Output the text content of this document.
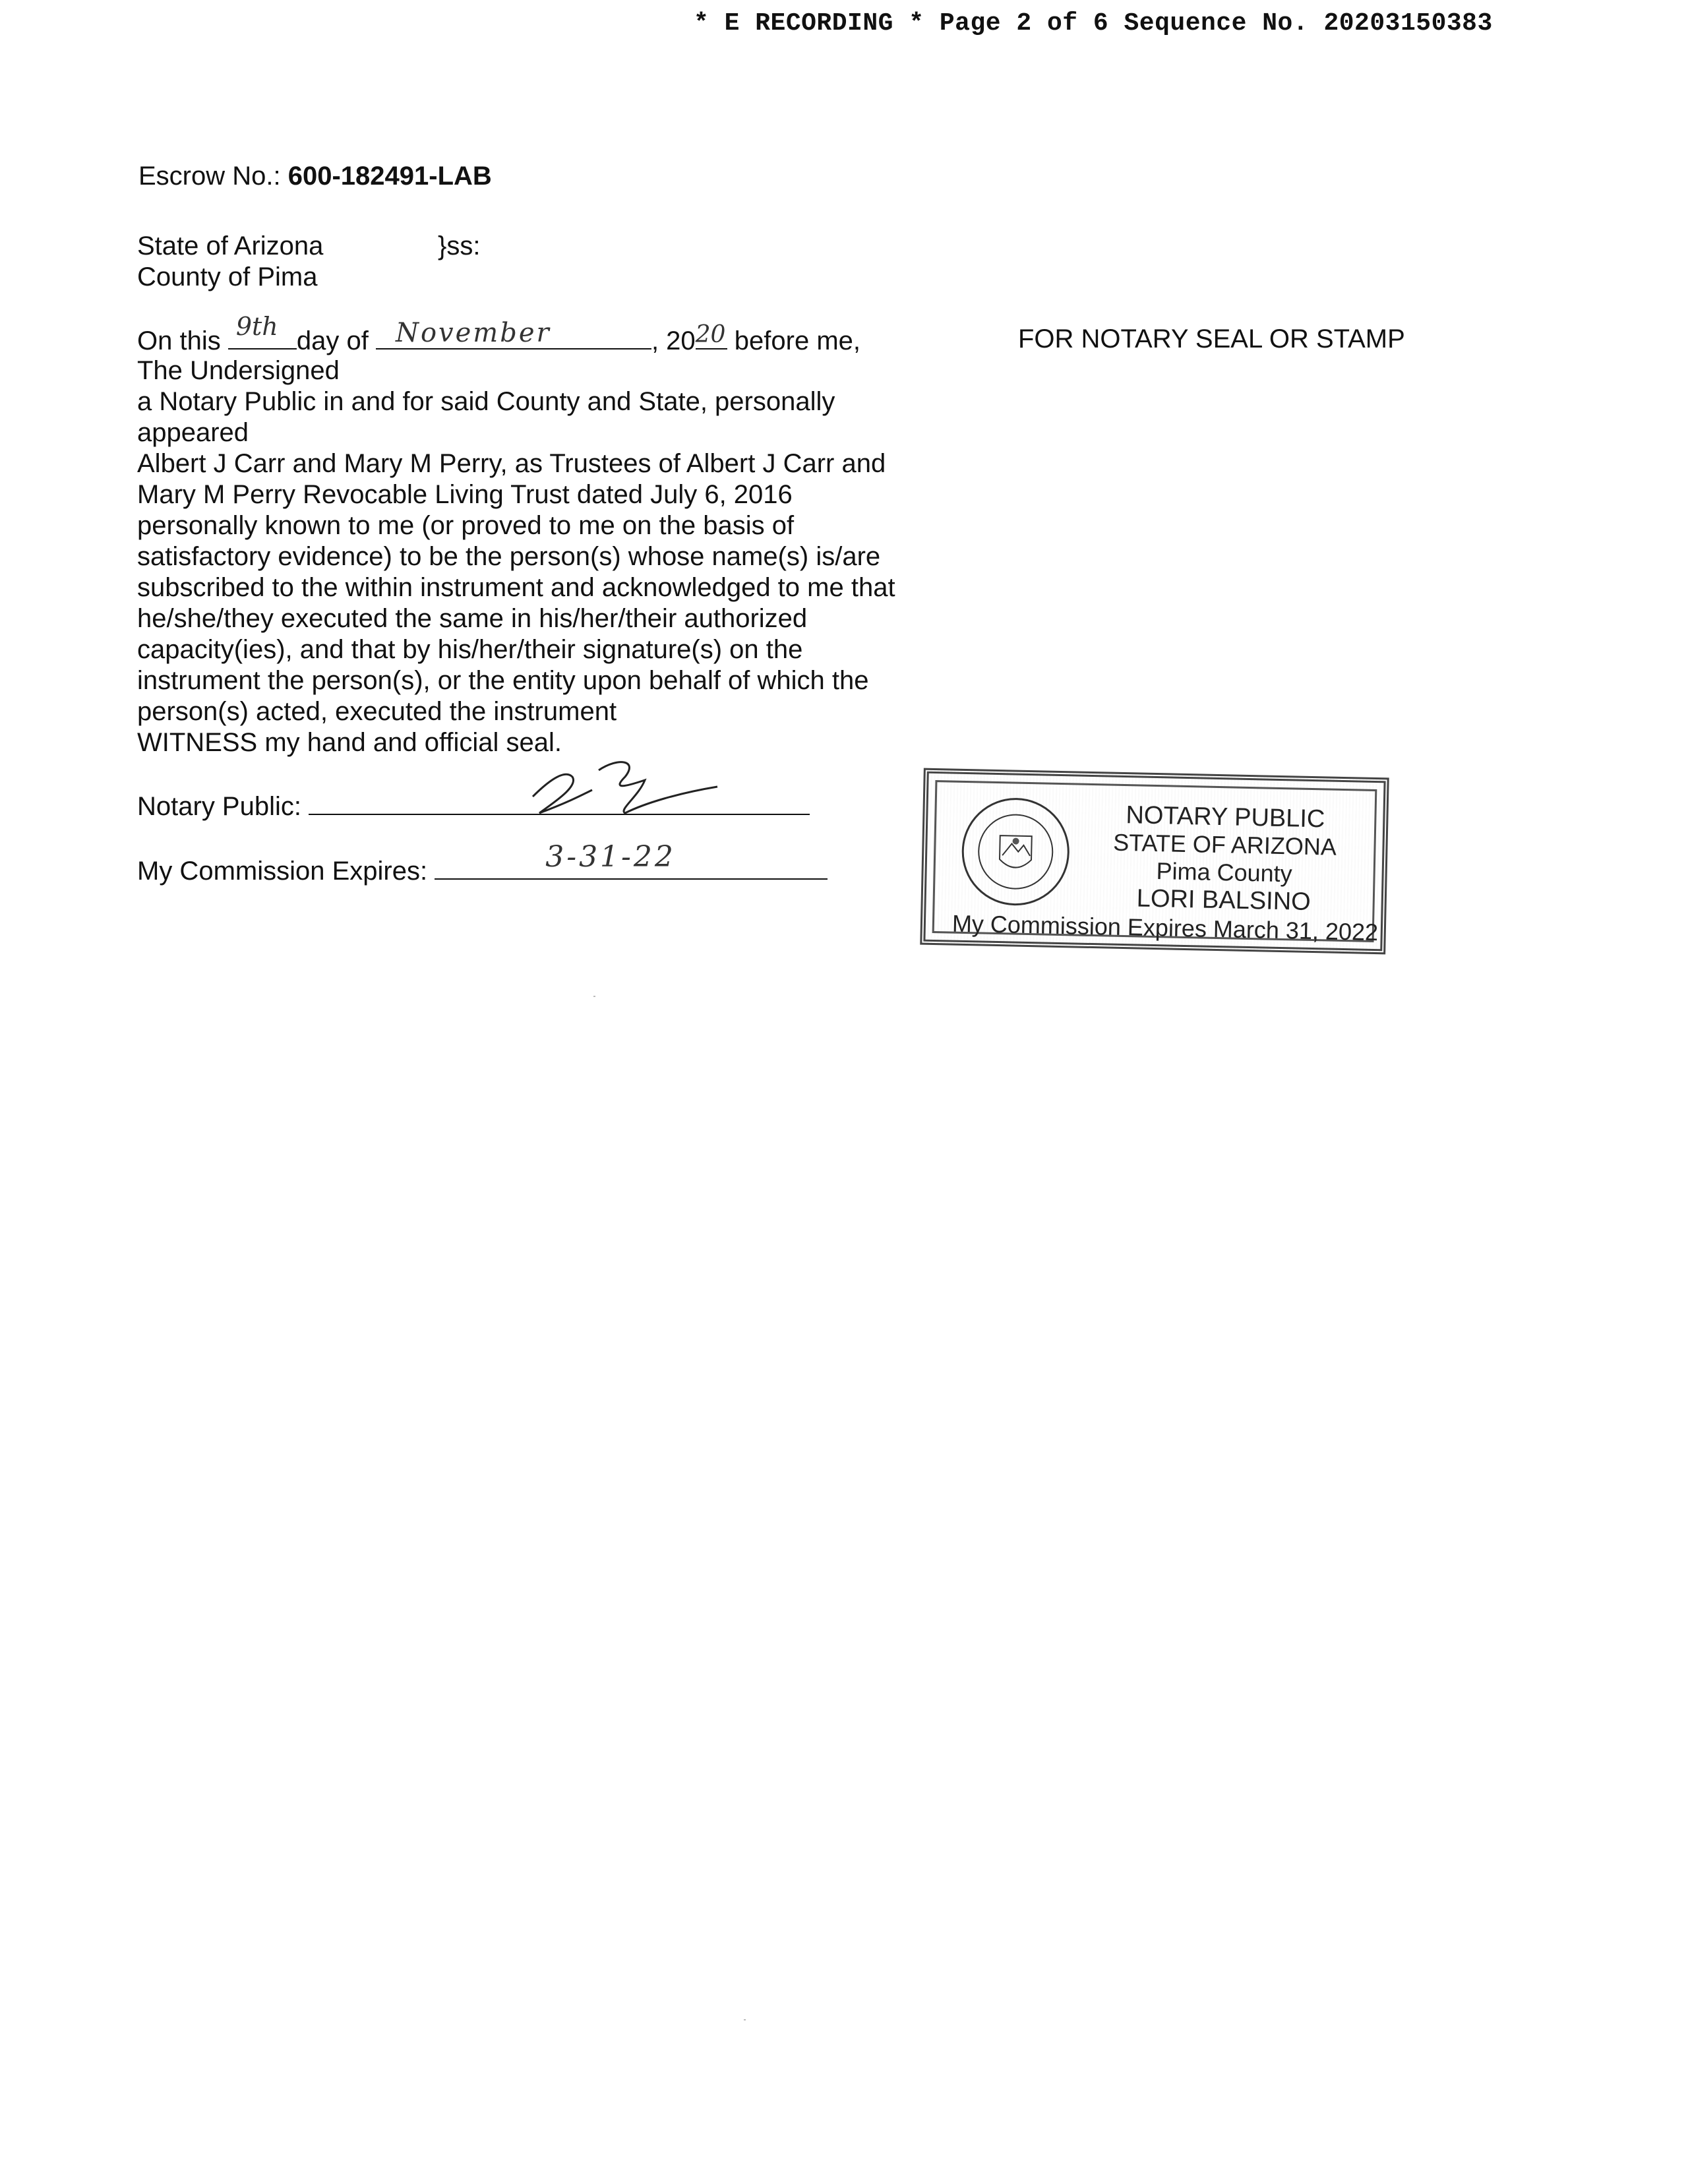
* E RECORDING * Page 2 of 6 Sequence No. 20203150383
Escrow No.: 600-182491-LAB
State of Arizona
County of Pima
}ss:
On this 9th day of November	, 20 20 before me,
The Undersigned
a Notary Public in and for said County and State, personally
appeared
Albert J Carr and Mary M Perry, as Trustees of Albert J Carr and
Mary M Perry Revocable Living Trust dated July 6, 2016
personally known to me (or proved to me on the basis of
satisfactory evidence) to be the person(s) whose name(s) is/are
subscribed to the within instrument and acknowledged to me that
he/she/they executed the same in his/her/their authorized
capacity(ies), and that by his/her/their signature(s) on the
instrument the person(s), or the entity upon behalf of which the
person(s) acted, executed the instrument
WITNESS my hand and official seal.
Notary Public:
My Commission Expires:	3-31-22
FOR NOTARY SEAL OR STAMP
NOTARY PUBLIC
STATE OF ARIZONA
Pima County
LORI BALSINO
My Commission Expires March 31, 2022
